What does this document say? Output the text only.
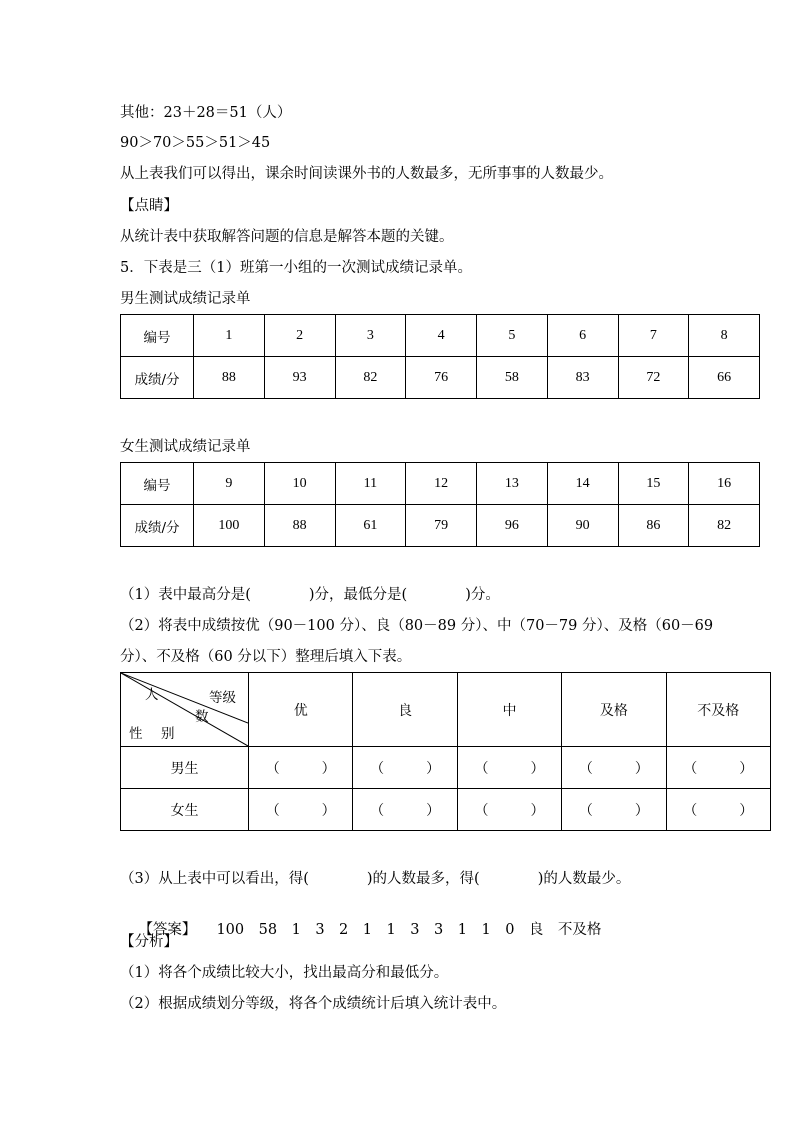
其他：23＋28＝51（人）
90＞70＞55＞51＞45
从上表我们可以得出，课余时间读课外书的人数最多，无所事事的人数最少。
【点睛】
从统计表中获取解答问题的信息是解答本题的关键。
5．下表是三（1）班第一小组的一次测试成绩记录单。
男生测试成绩记录单
编号	1	2	3	4	5	6	7	8
成绩/分	88	93	82	76	58	83	72	66
女生测试成绩记录单
编号	9	10	11	12	13	14	15	16
成绩/分	100	88	61	79	96	90	86	82
（1）表中最高分是(　　　　)分，最低分是(　　　　)分。
（2）将表中成绩按优（90－100 分）、良（80－89 分）、中（70－79 分）、及格（60－69
分）、不及格（60 分以下）整理后填入下表。
人
数
等级
性 别	优	良	中	及格	不及格
男生	（　　　）	（　　　）	（　　　）	（　　　）	（　　　）
女生	（　　　）	（　　　）	（　　　）	（　　　）	（　　　）
（3）从上表中可以看出，得(　　　　)的人数最多，得(　　　　)的人数最少。

【答案】 100　 58　 1　 3　 2　 1　 1　 3　 3　 1　 1　 0　 良　 不及格

【分析】
（1）将各个成绩比较大小，找出最高分和最低分。
（2）根据成绩划分等级，将各个成绩统计后填入统计表中。
